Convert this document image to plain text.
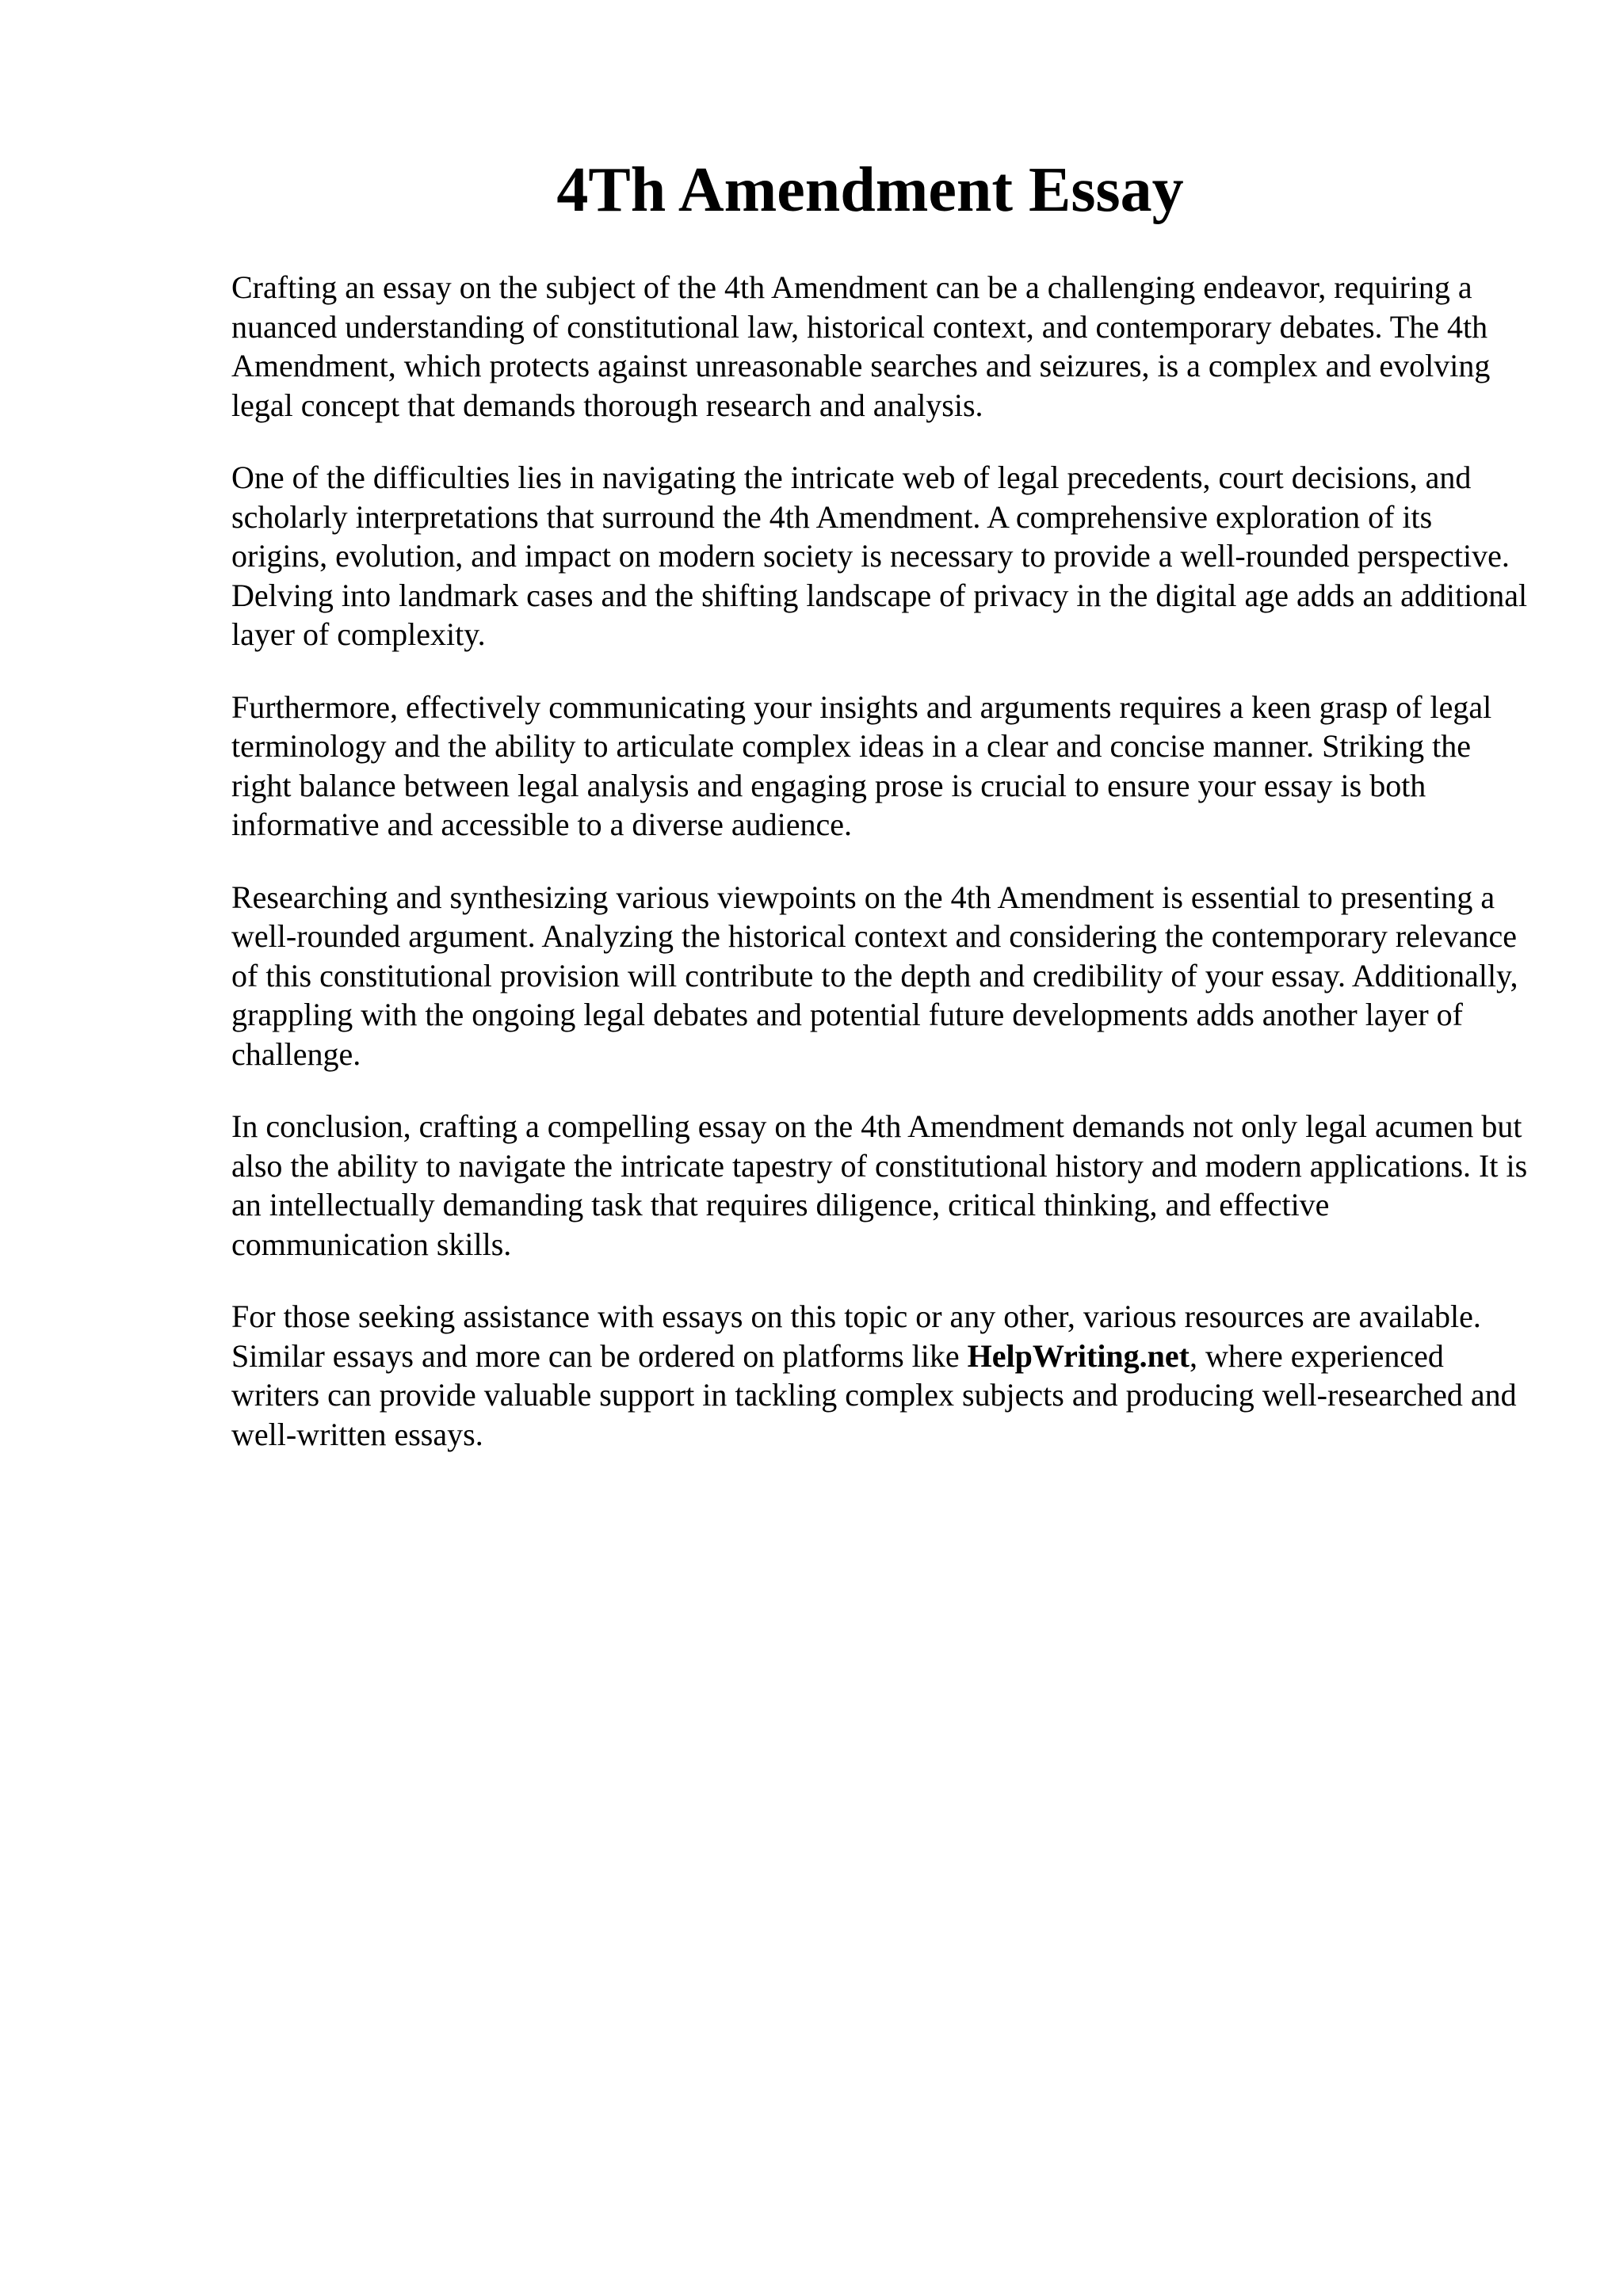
4Th Amendment Essay

Crafting an essay on the subject of the 4th Amendment can be a challenging endeavor, requiring a nuanced understanding of constitutional law, historical context, and contemporary debates. The 4th Amendment, which protects against unreasonable searches and seizures, is a complex and evolving legal concept that demands thorough research and analysis.

One of the difficulties lies in navigating the intricate web of legal precedents, court decisions, and scholarly interpretations that surround the 4th Amendment. A comprehensive exploration of its origins, evolution, and impact on modern society is necessary to provide a well-rounded perspective. Delving into landmark cases and the shifting landscape of privacy in the digital age adds an additional layer of complexity.

Furthermore, effectively communicating your insights and arguments requires a keen grasp of legal terminology and the ability to articulate complex ideas in a clear and concise manner. Striking the right balance between legal analysis and engaging prose is crucial to ensure your essay is both informative and accessible to a diverse audience.

Researching and synthesizing various viewpoints on the 4th Amendment is essential to presenting a well-rounded argument. Analyzing the historical context and considering the contemporary relevance of this constitutional provision will contribute to the depth and credibility of your essay. Additionally, grappling with the ongoing legal debates and potential future developments adds another layer of challenge.

In conclusion, crafting a compelling essay on the 4th Amendment demands not only legal acumen but also the ability to navigate the intricate tapestry of constitutional history and modern applications. It is an intellectually demanding task that requires diligence, critical thinking, and effective communication skills.

For those seeking assistance with essays on this topic or any other, various resources are available. Similar essays and more can be ordered on platforms like HelpWriting.net, where experienced writers can provide valuable support in tackling complex subjects and producing well-researched and well-written essays.
